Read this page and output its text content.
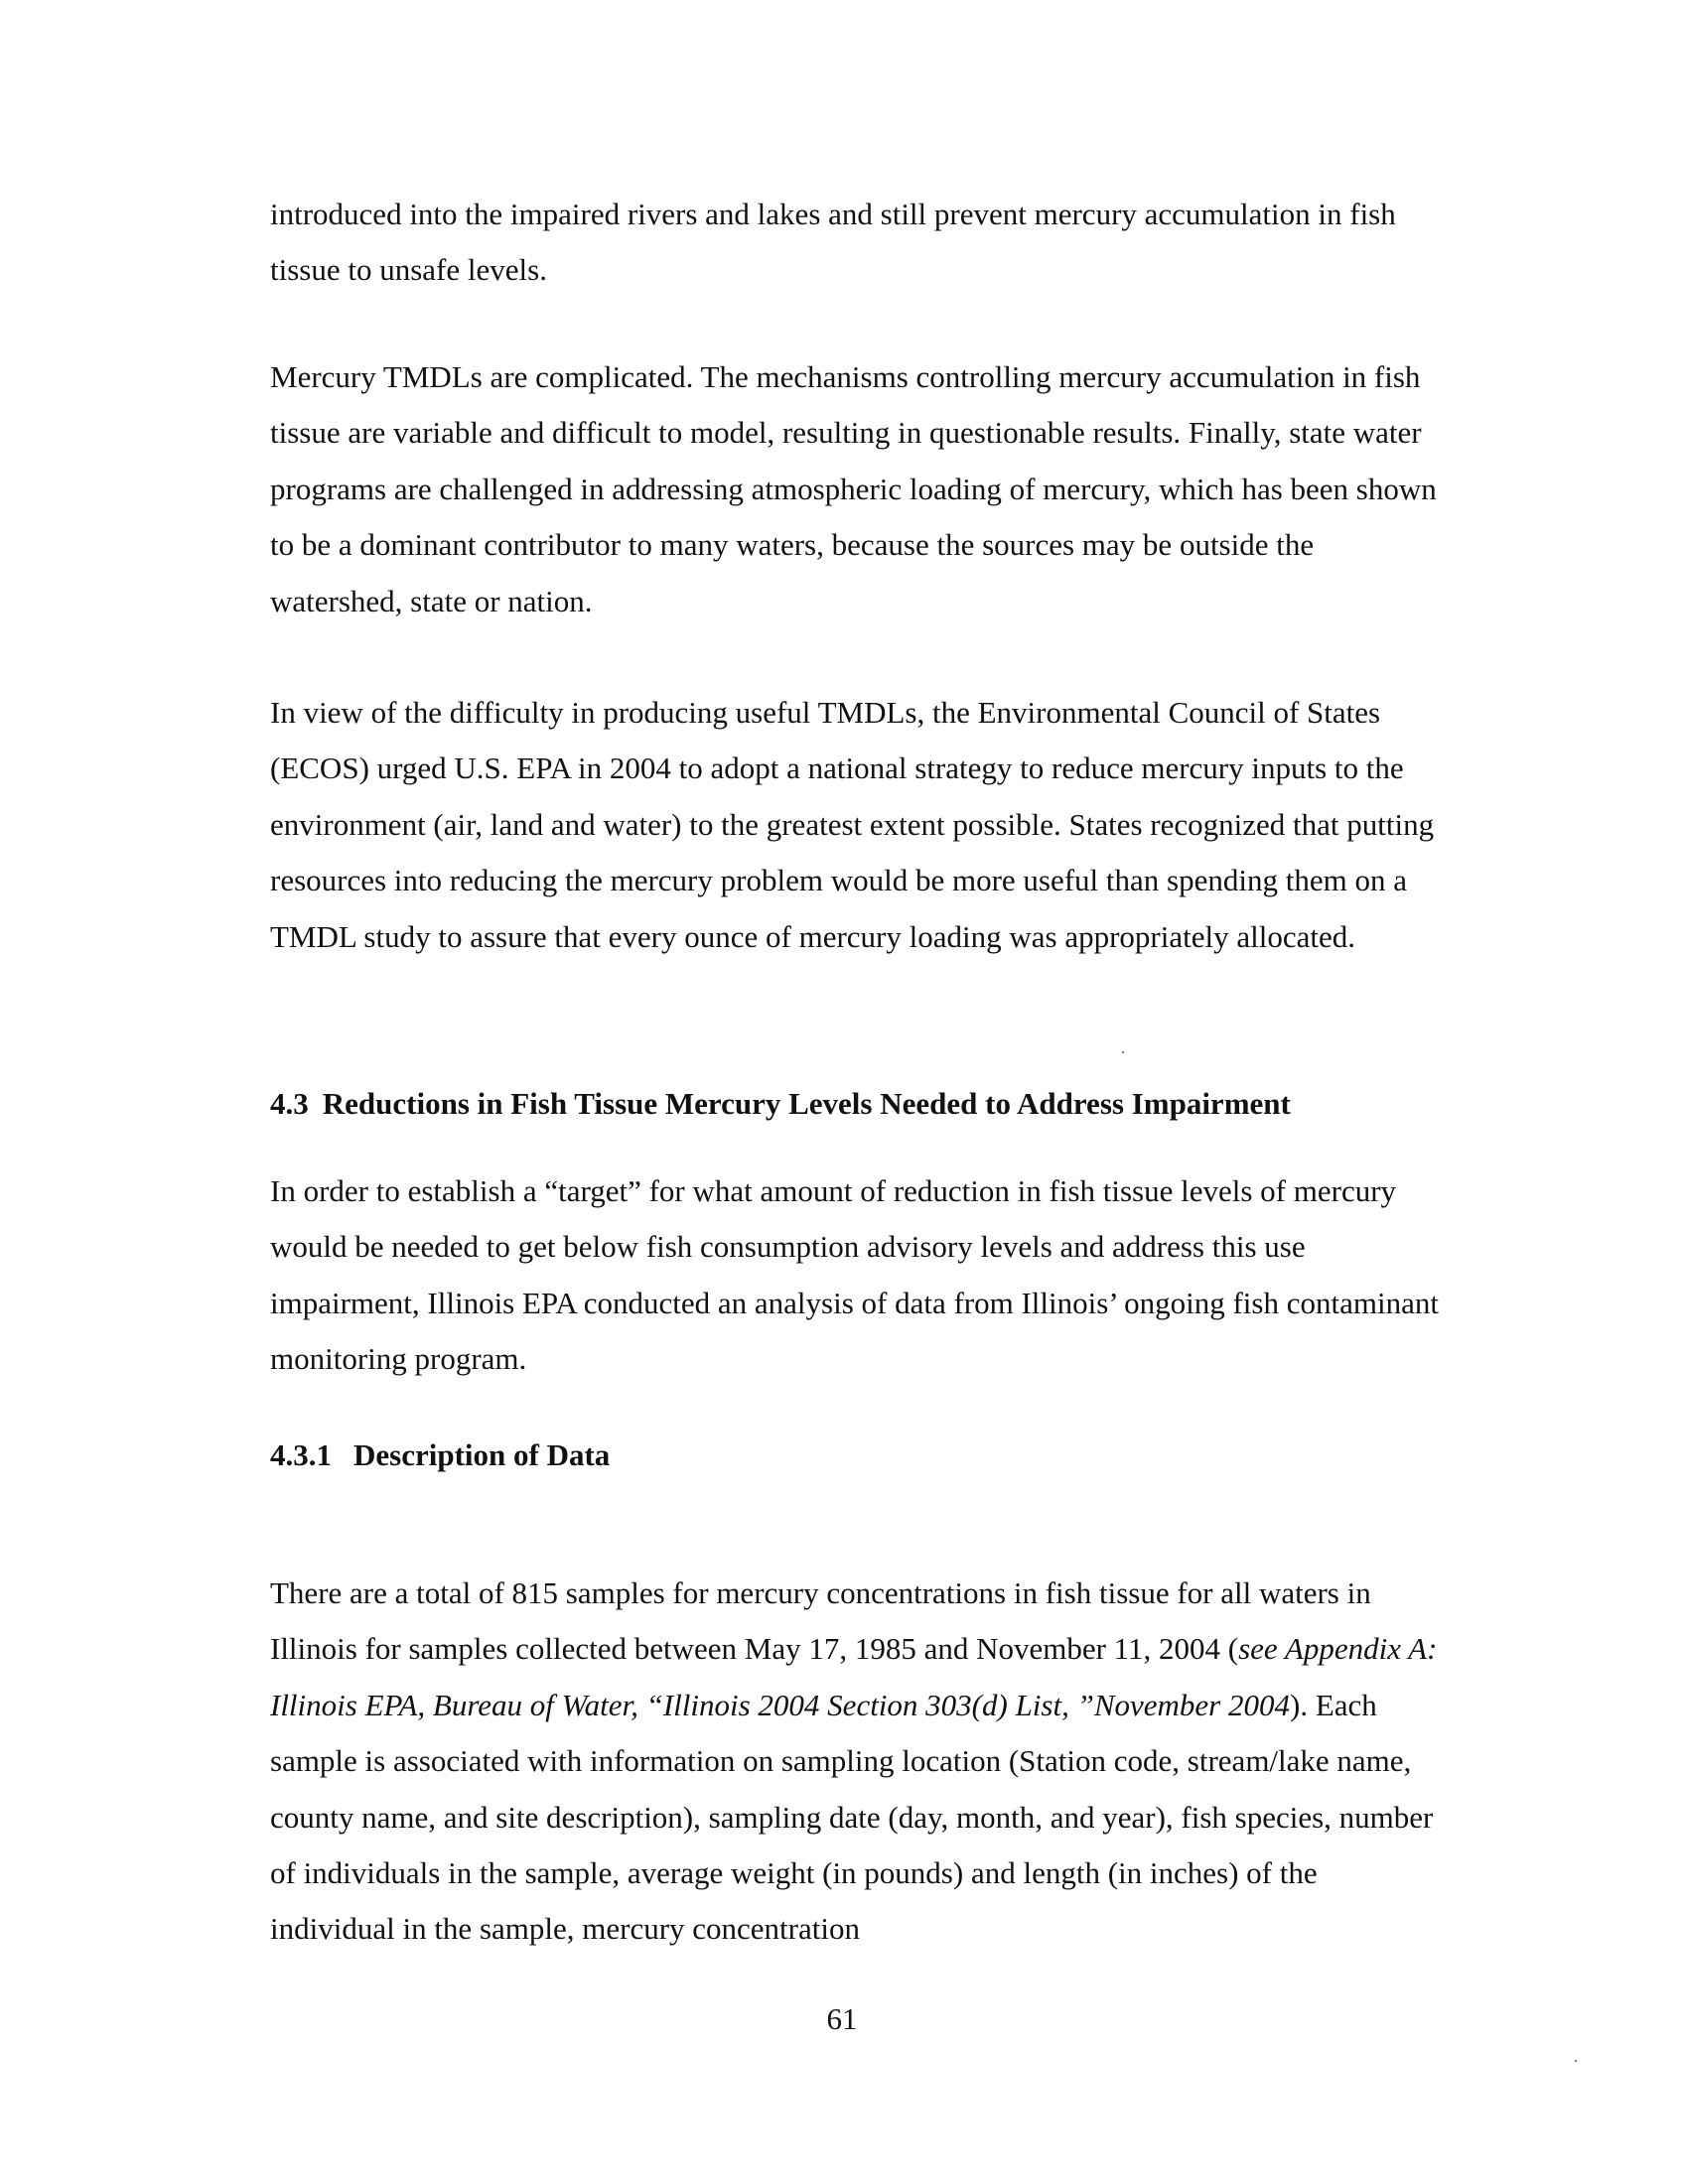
introduced into the impaired rivers and lakes and still prevent mercury accumulation in fish tissue to unsafe levels.

Mercury TMDLs are complicated. The mechanisms controlling mercury accumulation in fish tissue are variable and difficult to model, resulting in questionable results. Finally, state water programs are challenged in addressing atmospheric loading of mercury, which has been shown to be a dominant contributor to many waters, because the sources may be outside the watershed, state or nation.

In view of the difficulty in producing useful TMDLs, the Environmental Council of States (ECOS) urged U.S. EPA in 2004 to adopt a national strategy to reduce mercury inputs to the environment (air, land and water) to the greatest extent possible. States recognized that putting resources into reducing the mercury problem would be more useful than spending them on a TMDL study to assure that every ounce of mercury loading was appropriately allocated.

4.3 Reductions in Fish Tissue Mercury Levels Needed to Address Impairment

In order to establish a “target” for what amount of reduction in fish tissue levels of mercury would be needed to get below fish consumption advisory levels and address this use impairment, Illinois EPA conducted an analysis of data from Illinois’ ongoing fish contaminant monitoring program.

4.3.1 Description of Data

There are a total of 815 samples for mercury concentrations in fish tissue for all waters in Illinois for samples collected between May 17, 1985 and November 11, 2004 (see Appendix A: Illinois EPA, Bureau of Water, “Illinois 2004 Section 303(d) List, ”November 2004). Each sample is associated with information on sampling location (Station code, stream/lake name, county name, and site description), sampling date (day, month, and year), fish species, number of individuals in the sample, average weight (in pounds) and length (in inches) of the individual in the sample, mercury concentration

61
